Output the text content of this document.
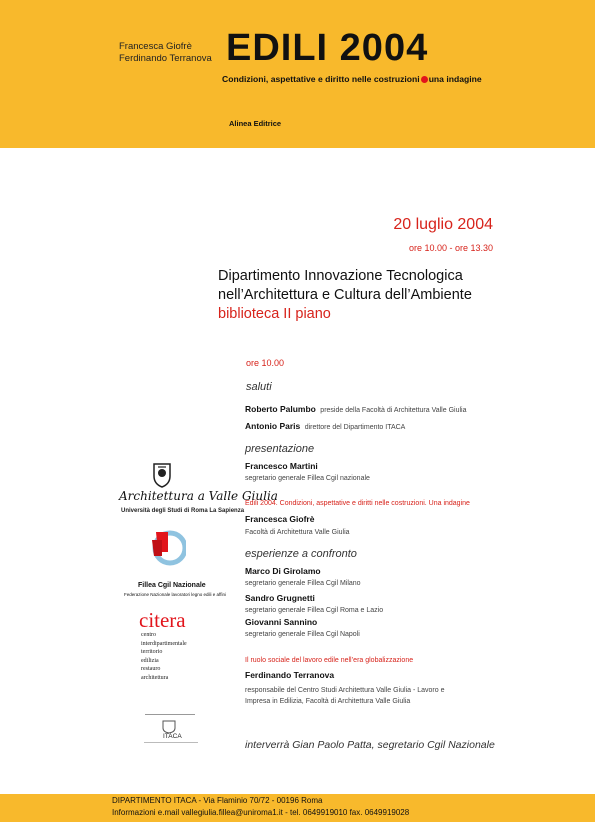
Francesca Giofrè
Ferdinando Terranova EDILI 2004
Condizioni, aspettative e diritto nelle costruzioni una indagine
Alinea Editrice
20 luglio 2004
ore 10.00 - ore 13.30
Dipartimento Innovazione Tecnologica
nell’Architettura e Cultura dell’Ambiente
biblioteca II piano
ore 10.00
saluti
Roberto Palumbo preside della Facoltà di Architettura Valle Giulia
Antonio Paris direttore del Dipartimento ITACA
presentazione
Francesco Martini
segretario generale Fillea Cgil nazionale
Edili 2004. Condizioni, aspettative e diritti nelle costruzioni. Una indagine
Francesca Giofrè
Facoltà di Architettura Valle Giulia
esperienze a confronto
Marco Di Girolamo
segretario generale Fillea Cgil Milano
Sandro Grugnetti
segretario generale Fillea Cgil Roma e Lazio
Giovanni Sannino
segretario generale Fillea Cgil Napoli
Il ruolo sociale del lavoro edile nell’era globalizzazione
Ferdinando Terranova
responsabile del Centro Studi Architettura Valle Giulia - Lavoro e
Impresa in Edilizia, Facoltà di Architettura Valle Giulia
interverrà Gian Paolo Patta, segretario Cgil Nazionale
Architettura a Valle Giulia
Università degli Studi di Roma La Sapienza
Fillea Cgil Nazionale
Federazione Nazionale lavoratori legno edili e affini
citera
centro
interdipartimentale
territorio
edilizia
restauro
architettura
ITACA
DIPARTIMENTO ITACA - Via Flaminio 70/72 - 00196 Roma
Informazioni e.mail vallegiulia.fillea@uniroma1.it - tel. 0649919010 fax. 0649919028
